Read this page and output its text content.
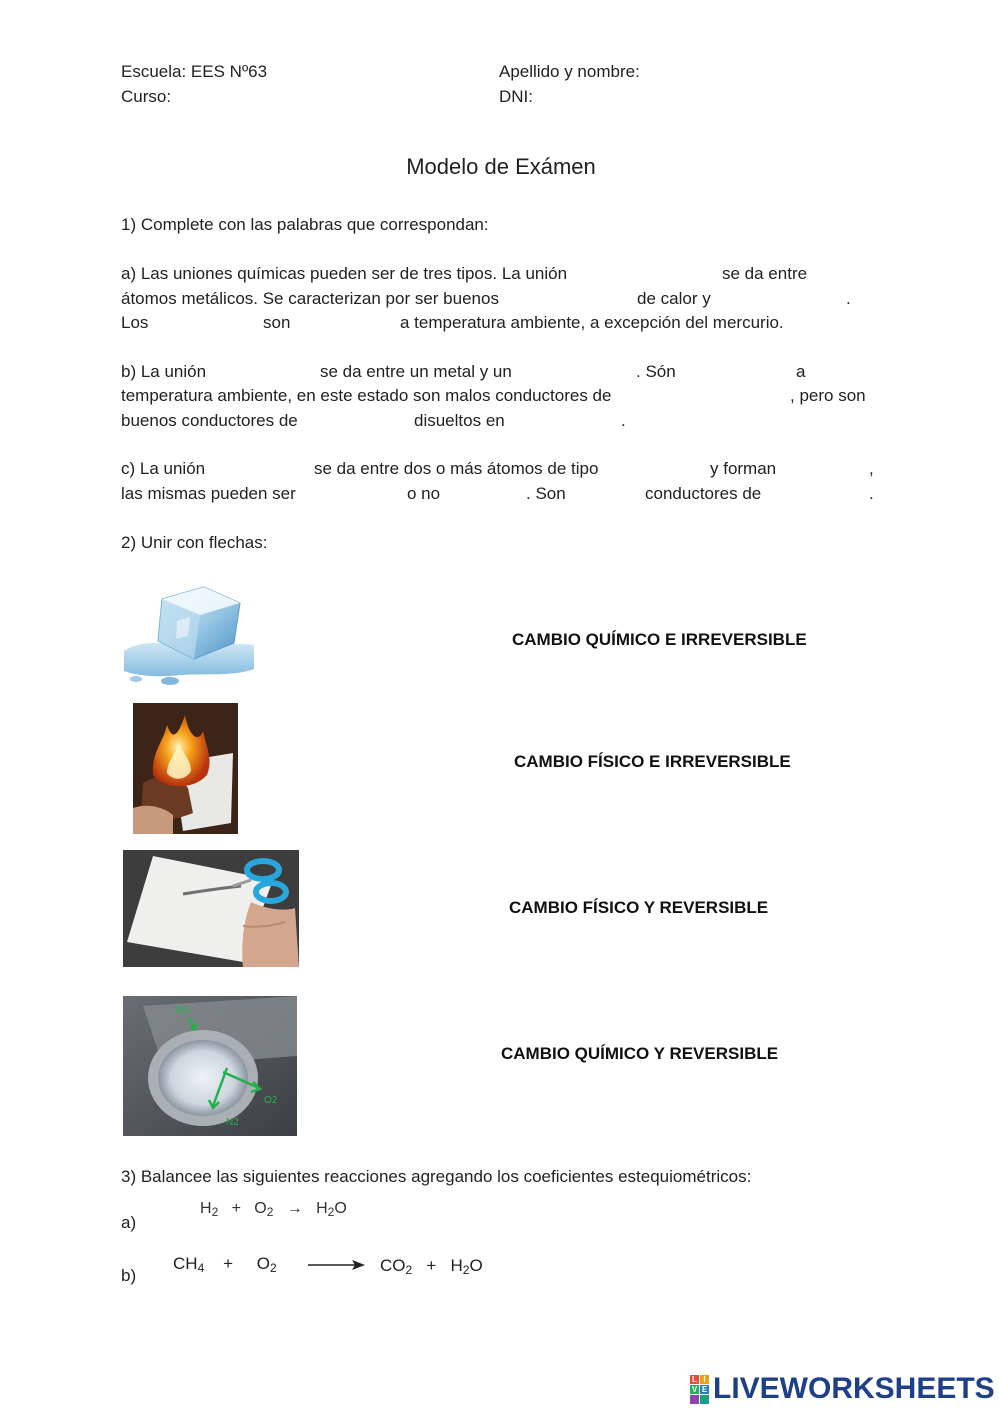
Escuela: EES Nº63
Curso:
Apellido y nombre:
DNI:
Modelo de Exámen
1) Complete con las palabras que correspondan:
a) Las uniones químicas pueden ser de tres tipos. La unión	se da entre
átomos metálicos. Se caracterizan por ser buenos	de calor y	.
Los	son	a temperatura ambiente, a excepción del mercurio.
b) La unión	se da entre un metal y un	. Són	a
temperatura ambiente, en este estado son malos conductores de	, pero son
buenos conductores de	disueltos en	.
c) La unión	se da entre dos o más átomos de tipo	y forman	,
las mismas pueden ser	o no	. Son	conductores de	.
2) Unir con flechas:
NO
O2
N2
CAMBIO QUÍMICO E IRREVERSIBLE
CAMBIO FÍSICO E IRREVERSIBLE
CAMBIO FÍSICO Y REVERSIBLE
CAMBIO QUÍMICO Y REVERSIBLE
3) Balancee las siguientes reacciones agregando los coeficientes estequiométricos:
a)
b)
$H_2 + O_2 \to H_2O$
$CH_4 + O_2$	$CO_2 + H_2O$
L I
V E LIVEWORKSHEETS
